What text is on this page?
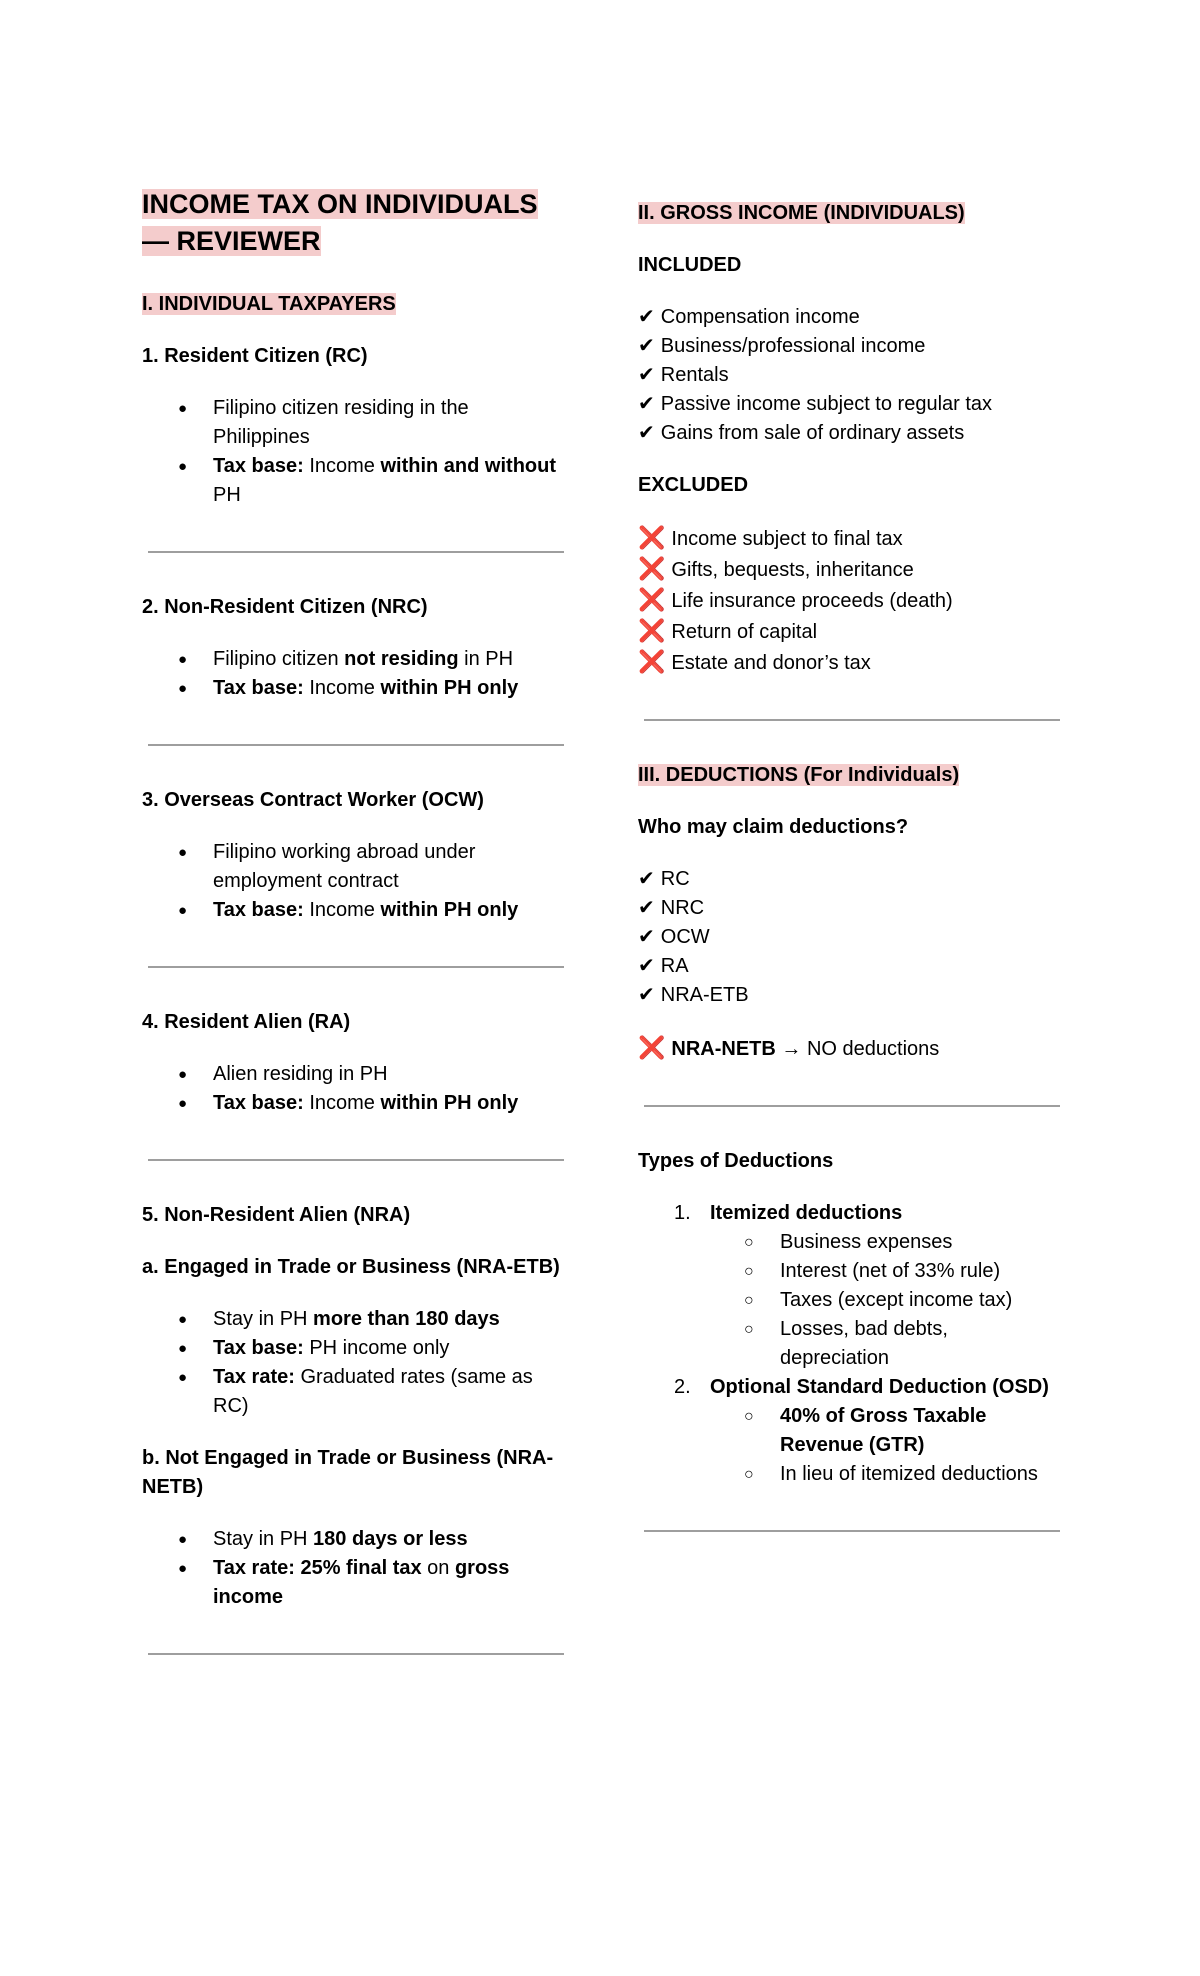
INCOME TAX ON INDIVIDUALS
— REVIEWER
I. INDIVIDUAL TAXPAYERS
1. Resident Citizen (RC)
● Filipino citizen residing in the Philippines
● Tax base: Income within and without PH
2. Non-Resident Citizen (NRC)
● Filipino citizen not residing in PH
● Tax base: Income within PH only
3. Overseas Contract Worker (OCW)
● Filipino working abroad under employment contract
● Tax base: Income within PH only
4. Resident Alien (RA)
● Alien residing in PH
● Tax base: Income within PH only
5. Non-Resident Alien (NRA)
a. Engaged in Trade or Business (NRA-ETB)
● Stay in PH more than 180 days
● Tax base: PH income only
● Tax rate: Graduated rates (same as RC)
b. Not Engaged in Trade or Business (NRA-NETB)
● Stay in PH 180 days or less
● Tax rate: 25% final tax on gross income
II. GROSS INCOME (INDIVIDUALS)
INCLUDED
✔ Compensation income
✔ Business/professional income
✔ Rentals
✔ Passive income subject to regular tax
✔ Gains from sale of ordinary assets
EXCLUDED
❌ Income subject to final tax
❌ Gifts, bequests, inheritance
❌ Life insurance proceeds (death)
❌ Return of capital
❌ Estate and donor’s tax
III. DEDUCTIONS (For Individuals)
Who may claim deductions?
✔ RC
✔ NRC
✔ OCW
✔ RA
✔ NRA-ETB
❌ NRA-NETB → NO deductions
Types of Deductions
1. Itemized deductions
○ Business expenses
○ Interest (net of 33% rule)
○ Taxes (except income tax)
○ Losses, bad debts, depreciation
2. Optional Standard Deduction (OSD)
○ 40% of Gross Taxable Revenue (GTR)
○ In lieu of itemized deductions
